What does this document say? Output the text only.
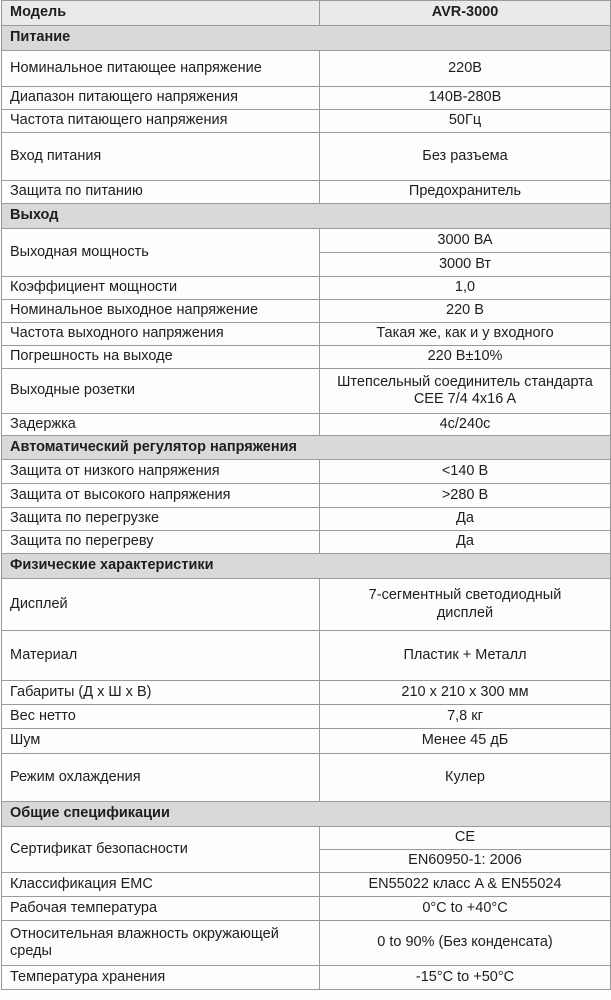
Модель	AVR-3000
Питание	
Номинальное питающее напряжение	220В
Диапазон питающего напряжения	140В-280В
Частота питающего напряжения	50Гц
Вход питания	Без разъема
Защита по питанию	Предохранитель
Выход	
Выходная мощность	3000 ВА
	3000 Вт
Коэффициент мощности	1,0
Номинальное выходное напряжение	220 В
Частота выходного напряжения	Такая же, как и у входного
Погрешность на выходе	220 В±10%
Выходные розетки	Штепсельный соединитель стандарта CEE 7/4 4x16 A
Задержка	4с/240с
Автоматический регулятор напряжения	
Защита от низкого напряжения	<140 В
Защита от высокого напряжения	>280 В
Защита по перегрузке	Да
Защита по перегреву	Да
Физические характеристики	
Дисплей	7-сегментный светодиодный дисплей
Материал	Пластик + Металл
Габариты (Д х Ш х В)	210 х 210 х 300 мм
Вес нетто	7,8 кг
Шум	Менее 45 дБ
Режим охлаждения	Кулер
Общие спецификации	
Сертификат безопасности	CE
	EN60950-1: 2006
Классификация EMC	EN55022 класс A & EN55024
Рабочая температура	0°C to +40°C
Относительная влажность окружающей среды	0 to 90% (Без конденсата)
Температура хранения	-15°C to +50°C
